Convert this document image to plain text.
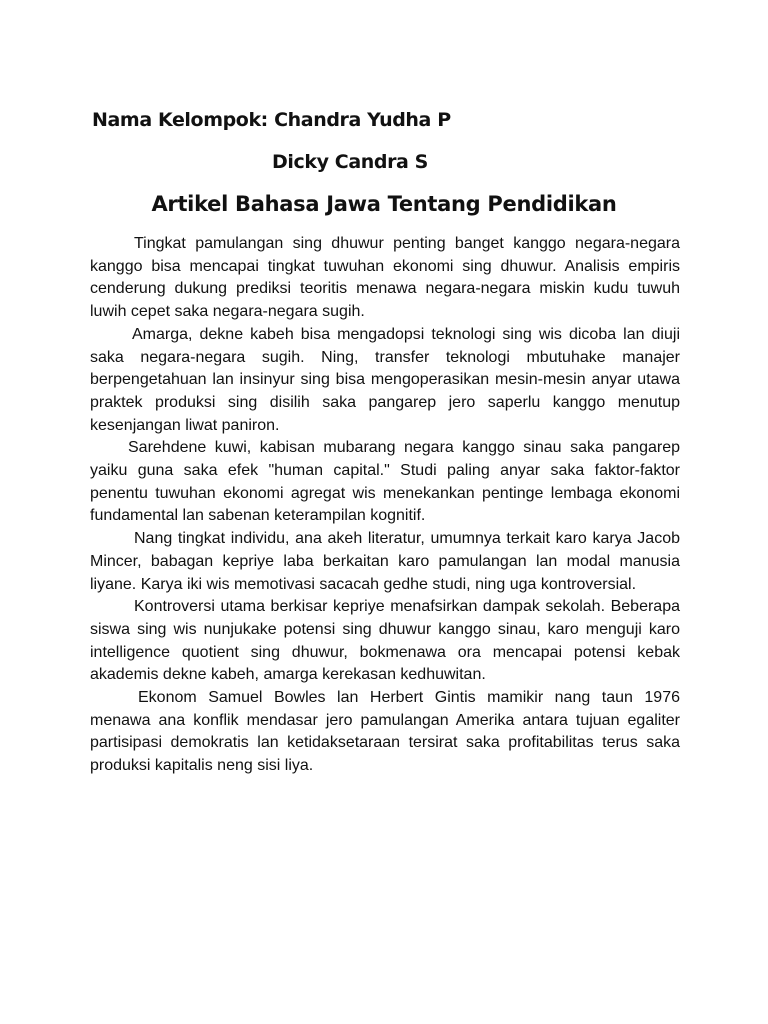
Nama Kelompok: Chandra Yudha P

Dicky Candra S

Artikel Bahasa Jawa Tentang Pendidikan

Tingkat pamulangan sing dhuwur penting banget kanggo negara-negara kanggo bisa mencapai tingkat tuwuhan ekonomi sing dhuwur. Analisis empiris cenderung dukung prediksi teoritis menawa negara-negara miskin kudu tuwuh luwih cepet saka negara-negara sugih.

Amarga, dekne kabeh bisa mengadopsi teknologi sing wis dicoba lan diuji saka negara-negara sugih. Ning, transfer teknologi mbutuhake manajer berpengetahuan lan insinyur sing bisa mengoperasikan mesin-mesin anyar utawa praktek produksi sing disilih saka pangarep jero saperlu kanggo menutup kesenjangan liwat paniron.

Sarehdene kuwi, kabisan mubarang negara kanggo sinau saka pangarep yaiku guna saka efek "human capital." Studi paling anyar saka faktor-faktor penentu tuwuhan ekonomi agregat wis menekankan pentinge lembaga ekonomi fundamental lan sabenan keterampilan kognitif.

Nang tingkat individu, ana akeh literatur, umumnya terkait karo karya Jacob Mincer, babagan kepriye laba berkaitan karo pamulangan lan modal manusia liyane. Karya iki wis memotivasi sacacah gedhe studi, ning uga kontroversial.

Kontroversi utama berkisar kepriye menafsirkan dampak sekolah. Beberapa siswa sing wis nunjukake potensi sing dhuwur kanggo sinau, karo menguji karo intelligence quotient sing dhuwur, bokmenawa ora mencapai potensi kebak akademis dekne kabeh, amarga kerekasan kedhuwitan.

Ekonom Samuel Bowles lan Herbert Gintis mamikir nang taun 1976 menawa ana konflik mendasar jero pamulangan Amerika antara tujuan egaliter partisipasi demokratis lan ketidaksetaraan tersirat saka profitabilitas terus saka produksi kapitalis neng sisi liya.
